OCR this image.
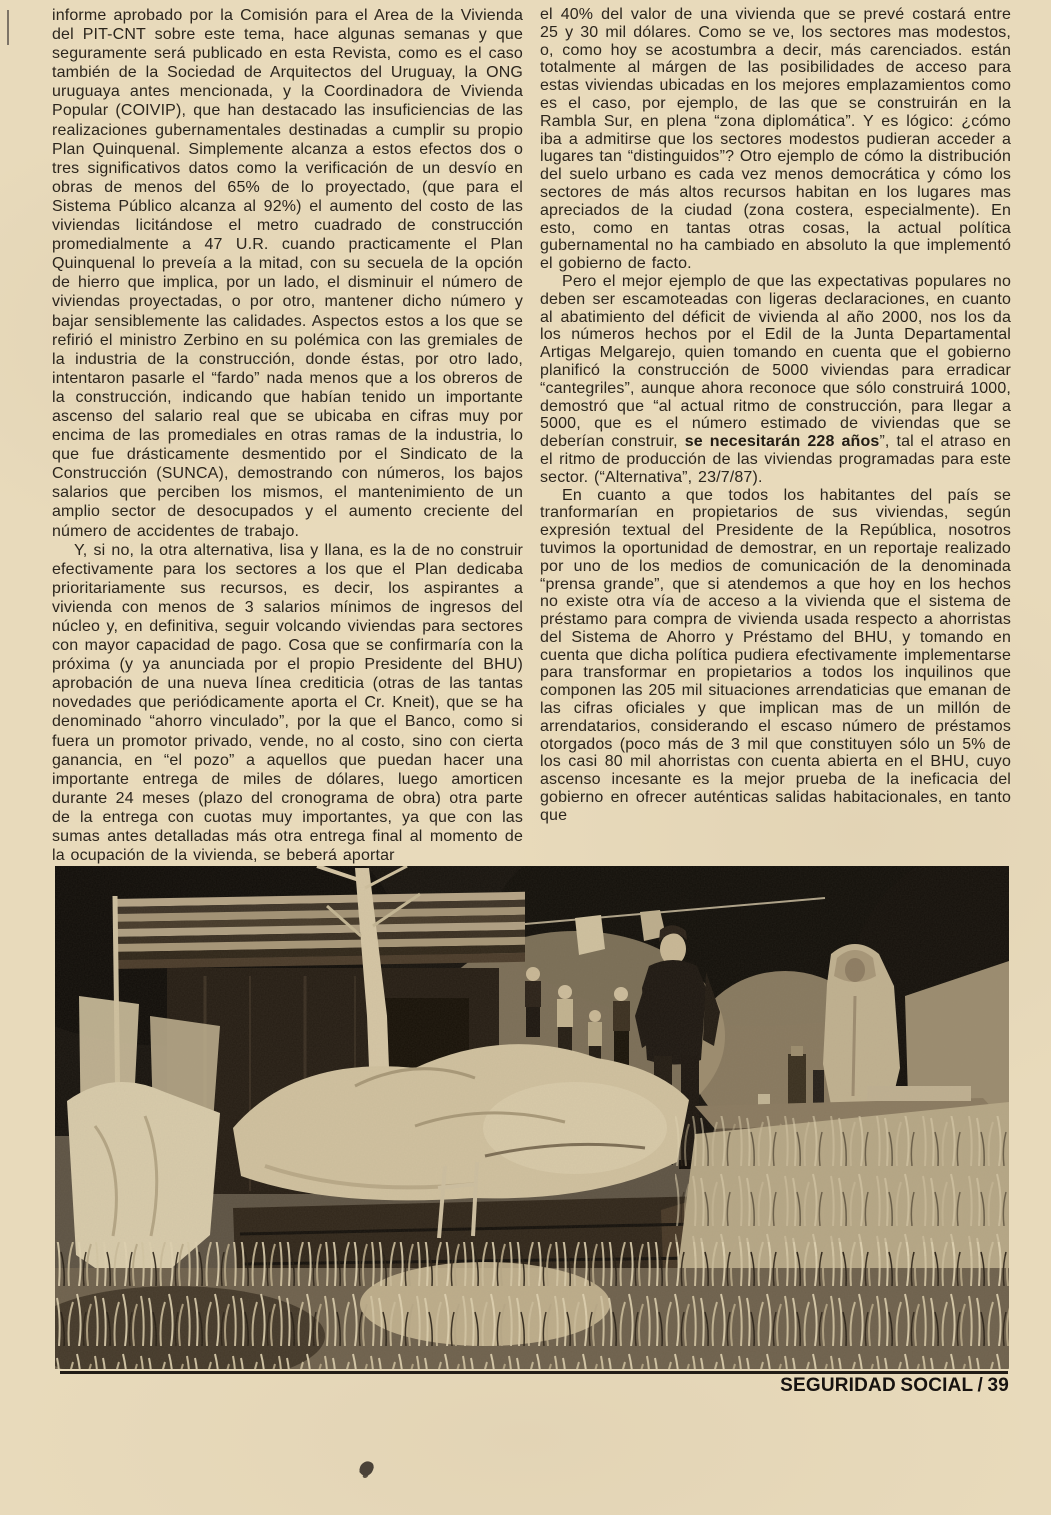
informe aprobado por la Comisión para el Area de la Vivienda del PIT-CNT sobre este tema, hace algunas semanas y que seguramente será publicado en esta Revista, como es el caso también de la Sociedad de Arquitectos del Uruguay, la ONG uruguaya antes mencionada, y la Coordinadora de Vivienda Popular (COIVIP), que han destacado las insuficiencias de las realizaciones gubernamentales destinadas a cumplir su propio Plan Quinquenal. Simplemente alcanza a estos efectos dos o tres significativos datos como la verificación de un desvío en obras de menos del 65% de lo proyectado, (que para el Sistema Público alcanza al 92%) el aumento del costo de las viviendas licitándose el metro cuadrado de construcción promedialmente a 47 U.R. cuando practicamente el Plan Quinquenal lo preveía a la mitad, con su secuela de la opción de hierro que implica, por un lado, el disminuir el número de viviendas proyectadas, o por otro, mantener dicho número y bajar sensiblemente las calidades. Aspectos estos a los que se refirió el ministro Zerbino en su polémica con las gremiales de la industria de la construcción, donde éstas, por otro lado, intentaron pasarle el “fardo” nada menos que a los obreros de la construcción, indicando que habían tenido un importante ascenso del salario real que se ubicaba en cifras muy por encima de las promediales en otras ramas de la industria, lo que fue drásticamente desmentido por el Sindicato de la Construcción (SUNCA), demostrando con números, los bajos salarios que perciben los mismos, el mantenimiento de un amplio sector de desocupados y el aumento creciente del número de accidentes de trabajo.

Y, si no, la otra alternativa, lisa y llana, es la de no construir efectivamente para los sectores a los que el Plan dedicaba prioritariamente sus recursos, es decir, los aspirantes a vivienda con menos de 3 salarios mínimos de ingresos del núcleo y, en definitiva, seguir volcando viviendas para sectores con mayor capacidad de pago. Cosa que se confirmaría con la próxima (y ya anunciada por el propio Presidente del BHU) aprobación de una nueva línea crediticia (otras de las tantas novedades que periódicamente aporta el Cr. Kneit), que se ha denominado “ahorro vinculado”, por la que el Banco, como si fuera un promotor privado, vende, no al costo, sino con cierta ganancia, en “el pozo” a aquellos que puedan hacer una importante entrega de miles de dólares, luego amorticen durante 24 meses (plazo del cronograma de obra) otra parte de la entrega con cuotas muy importantes, ya que con las sumas antes detalladas más otra entrega final al momento de la ocupación de la vivienda, se beberá aportar

el 40% del valor de una vivienda que se prevé costará entre 25 y 30 mil dólares. Como se ve, los sectores mas modestos, o, como hoy se acostumbra a decir, más carenciados. están totalmente al márgen de las posibilidades de acceso para estas viviendas ubicadas en los mejores emplazamientos como es el caso, por ejemplo, de las que se construirán en la Rambla Sur, en plena “zona diplomática”. Y es lógico: ¿cómo iba a admitirse que los sectores modestos pudieran acceder a lugares tan “distinguidos”? Otro ejemplo de cómo la distribución del suelo urbano es cada vez menos democrática y cómo los sectores de más altos recursos habitan en los lugares mas apreciados de la ciudad (zona costera, especialmente). En esto, como en tantas otras cosas, la actual política gubernamental no ha cambiado en absoluto la que implementó el gobierno de facto.

Pero el mejor ejemplo de que las expectativas populares no deben ser escamoteadas con ligeras declaraciones, en cuanto al abatimiento del déficit de vivienda al año 2000, nos los da los números hechos por el Edil de la Junta Departamental Artigas Melgarejo, quien tomando en cuenta que el gobierno planificó la construcción de 5000 viviendas para erradicar “cantegriles”, aunque ahora reconoce que sólo construirá 1000, demostró que “al actual ritmo de construcción, para llegar a 5000, que es el número estimado de viviendas que se deberían construir, se necesitarán 228 años”, tal el atraso en el ritmo de producción de las viviendas programadas para este sector. (“Alternativa”, 23/7/87).

En cuanto a que todos los habitantes del país se tranformarían en propietarios de sus viviendas, según expresión textual del Presidente de la República, nosotros tuvimos la oportunidad de demostrar, en un reportaje realizado por uno de los medios de comunicación de la denominada “prensa grande”, que si atendemos a que hoy en los hechos no existe otra vía de acceso a la vivienda que el sistema de préstamo para compra de vivienda usada respecto a ahorristas del Sistema de Ahorro y Préstamo del BHU, y tomando en cuenta que dicha política pudiera efectivamente implementarse para transformar en propietarios a todos los inquilinos que componen las 205 mil situaciones arrendaticias que emanan de las cifras oficiales y que implican mas de un millón de arrendatarios, considerando el escaso número de préstamos otorgados (poco más de 3 mil que constituyen sólo un 5% de los casi 80 mil ahorristas con cuenta abierta en el BHU, cuyo ascenso incesante es la mejor prueba de la ineficacia del gobierno en ofrecer auténticas salidas habitacionales, en tanto que

SEGURIDAD SOCIAL / 39
